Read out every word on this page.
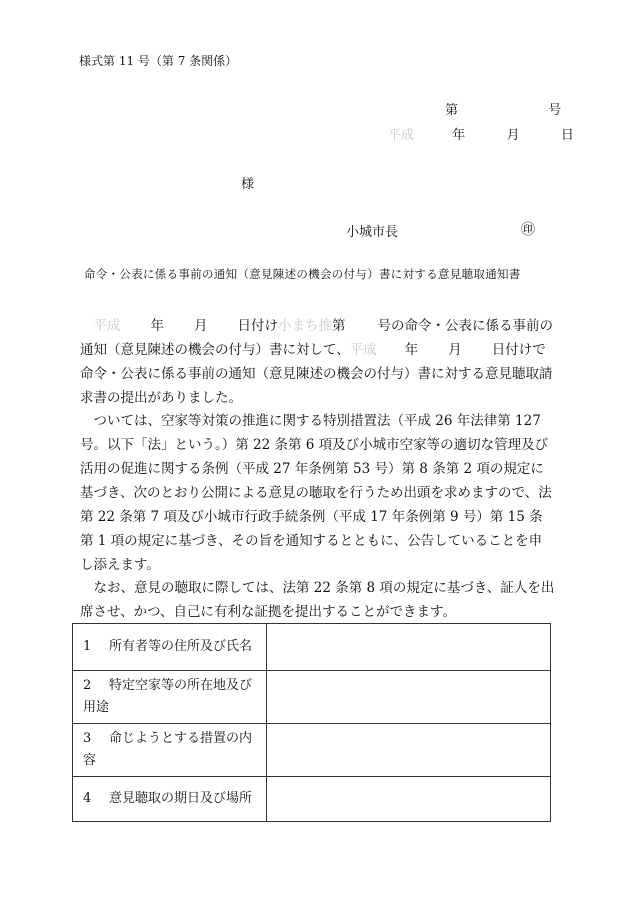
様式第 11 号（第 7 条関係）
第	号
平成	年	月	日
様
小城市長	㊞
命令・公表に係る事前の通知（意見陳述の機会の付与）書に対する意見聴取通知書
平成 年 月 日付け小まち推第 号の命令・公表に係る事前の通知（意見陳述の機会の付与）書に対して、平成 年 月 日付けで命令・公表に係る事前の通知（意見陳述の機会の付与）書に対する意見聴取請求書の提出がありました。
ついては、空家等対策の推進に関する特別措置法（平成 26 年法律第 127 号。以下「法」という。）第 22 条第 6 項及び小城市空家等の適切な管理及び活用の促進に関する条例（平成 27 年条例第 53 号）第 8 条第 2 項の規定に基づき、次のとおり公開による意見の聴取を行うため出頭を求めますので、法第 22 条第 7 項及び小城市行政手続条例（平成 17 年条例第 9 号）第 15 条第 1 項の規定に基づき、その旨を通知するとともに、公告していることを申し添えます。
なお、意見の聴取に際しては、法第 22 条第 8 項の規定に基づき、証人を出席させ、かつ、自己に有利な証拠を提出することができます。
1 所有者等の住所及び氏名	
2 特定空家等の所在地及び用途	
3 命じようとする措置の内容	
4 意見聴取の期日及び場所	
